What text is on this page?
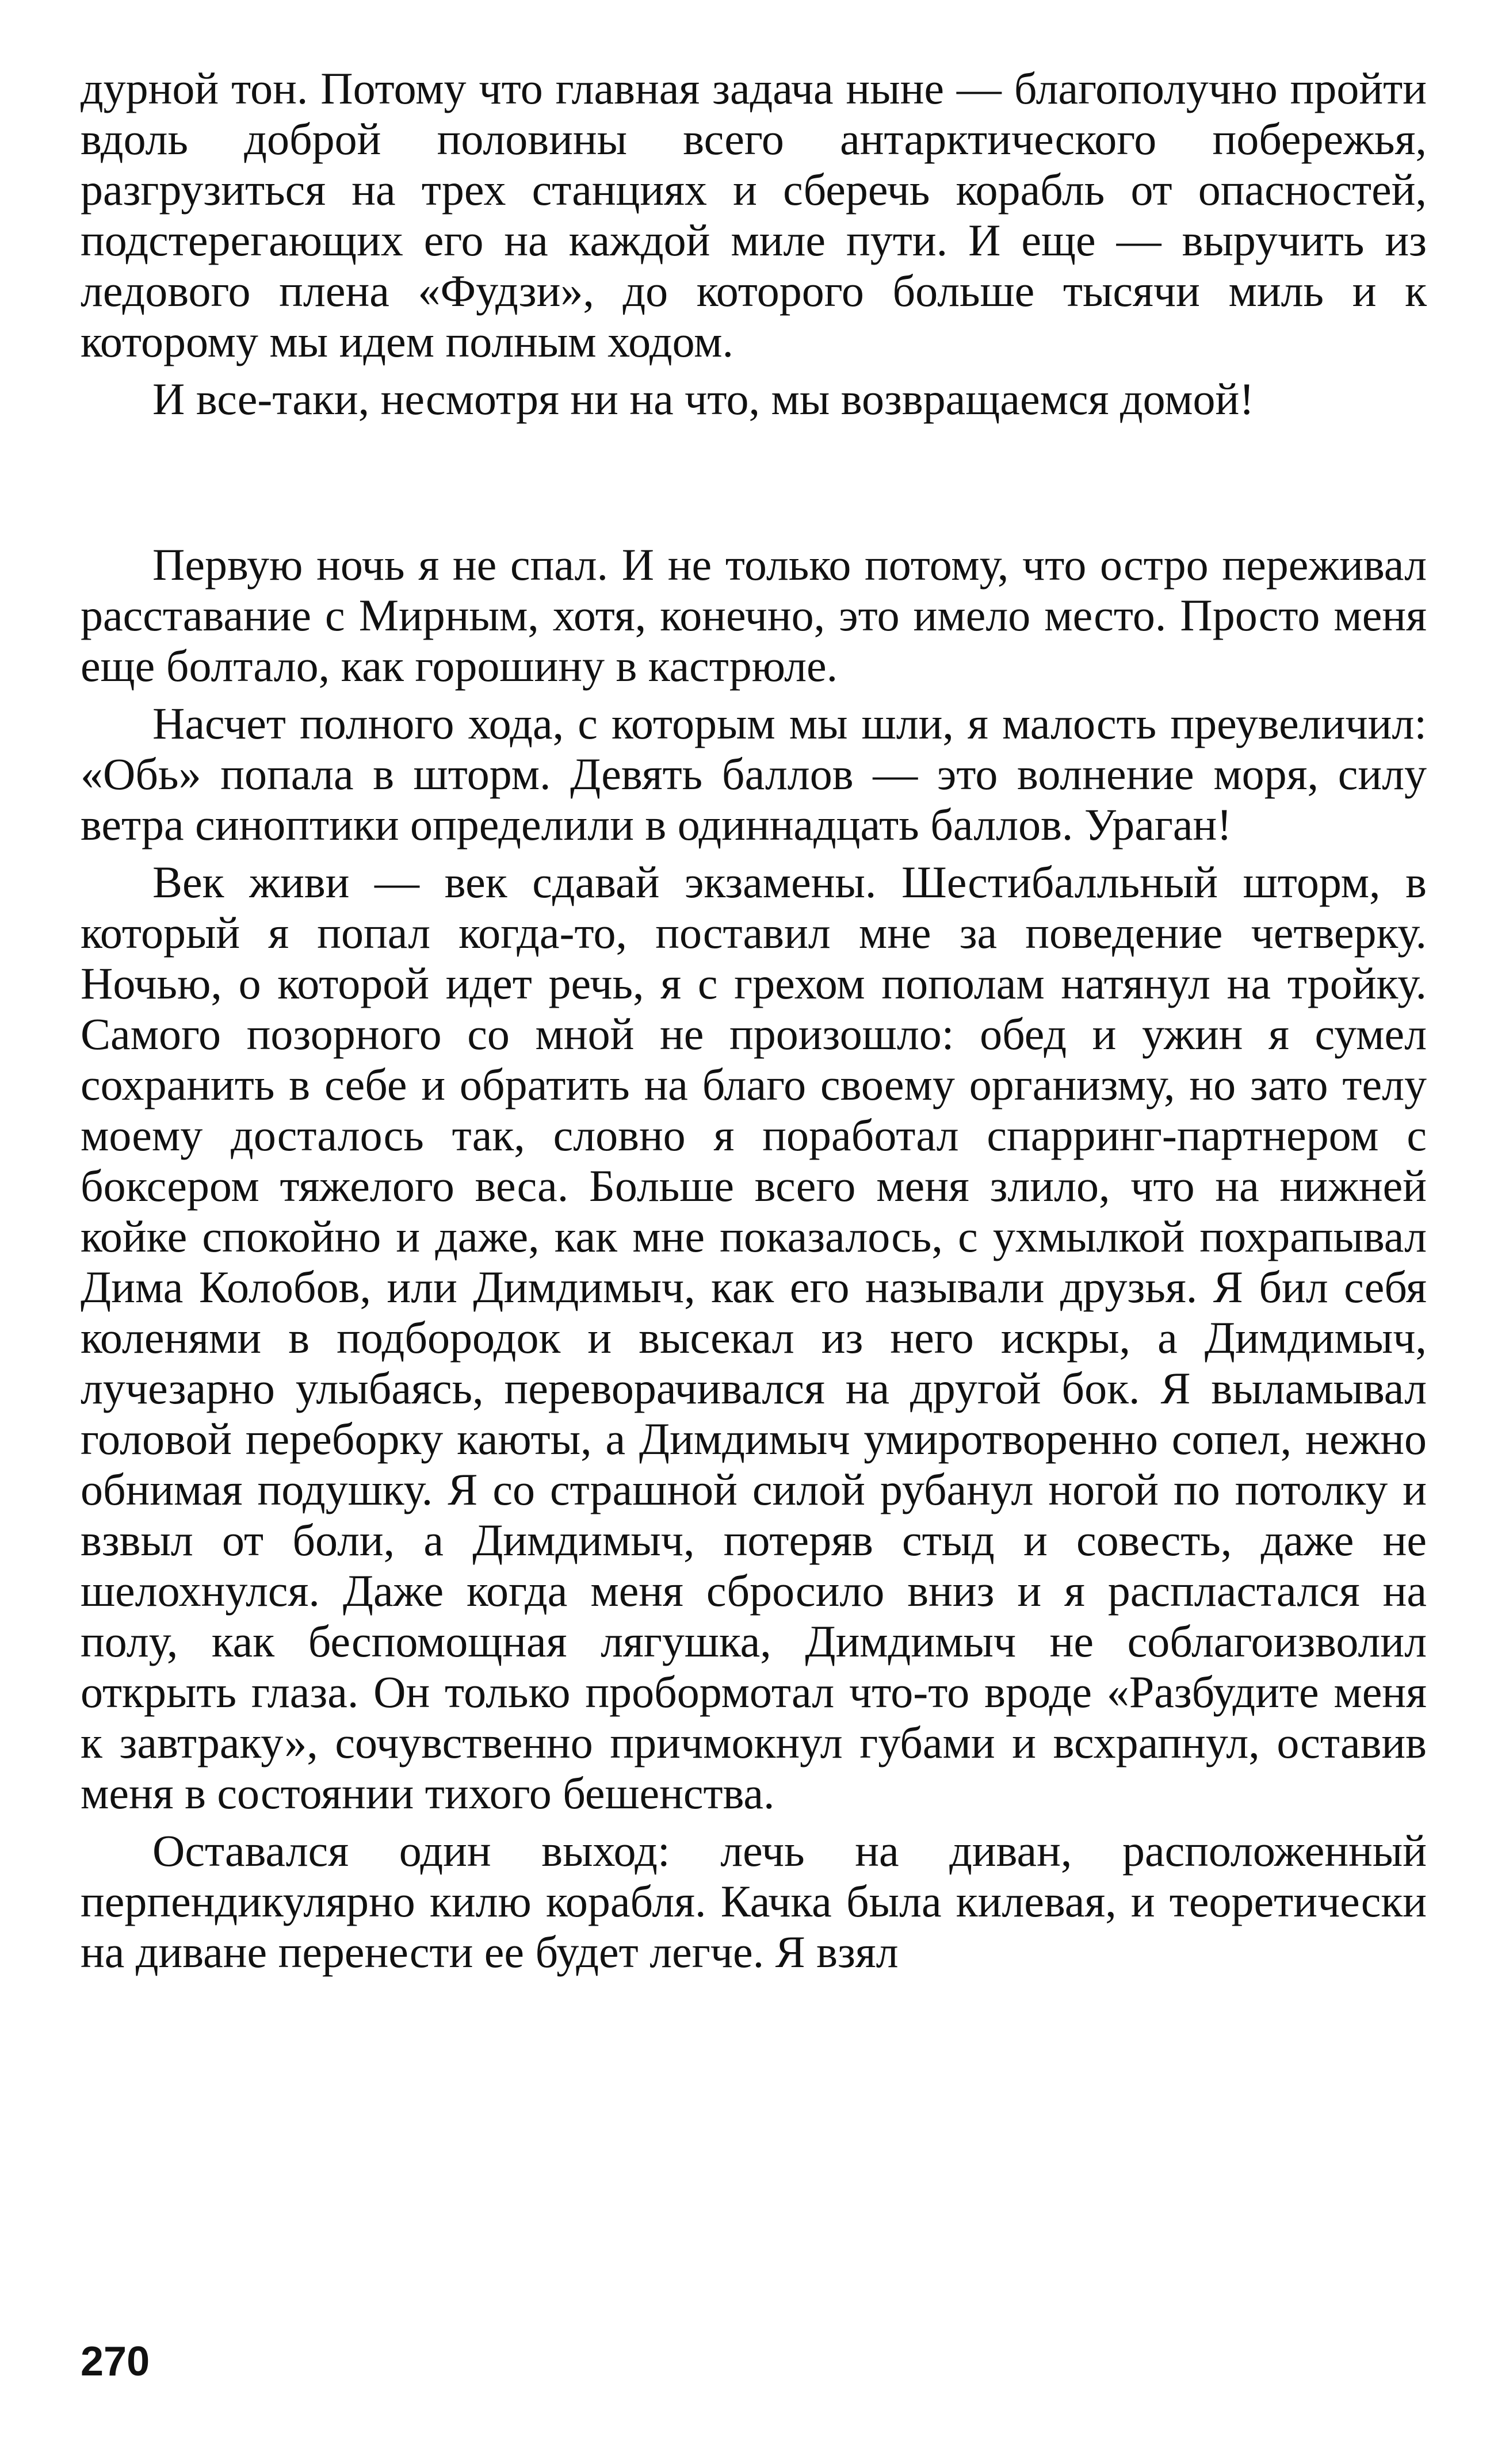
дурной тон. Потому что главная задача ныне — благополучно пройти вдоль доброй половины всего антарктического побережья, разгрузиться на трех станциях и сберечь корабль от опасностей, подстерегающих его на каждой миле пути. И еще — выручить из ледового плена «Фудзи», до которого больше тысячи миль и к которому мы идем полным ходом.

И все-таки, несмотря ни на что, мы возвращаемся домой!

Первую ночь я не спал. И не только потому, что остро переживал расставание с Мирным, хотя, конечно, это имело место. Просто меня еще болтало, как горошину в кастрюле.

Насчет полного хода, с которым мы шли, я малость преувеличил: «Обь» попала в шторм. Девять баллов — это волнение моря, силу ветра синоптики определили в одиннадцать баллов. Ураган!

Век живи — век сдавай экзамены. Шестибалльный шторм, в который я попал когда-то, поставил мне за поведение четверку. Ночью, о которой идет речь, я с грехом пополам натянул на тройку. Самого позорного со мной не произошло: обед и ужин я сумел сохранить в себе и обратить на благо своему организму, но зато телу моему досталось так, словно я поработал спарринг-партнером с боксером тяжелого веса. Больше всего меня злило, что на нижней койке спокойно и даже, как мне показалось, с ухмылкой похрапывал Дима Колобов, или Димдимыч, как его называли друзья. Я бил себя коленями в подбородок и высекал из него искры, а Димдимыч, лучезарно улыбаясь, переворачивался на другой бок. Я выламывал головой переборку каюты, а Димдимыч умиротворенно сопел, нежно обнимая подушку. Я со страшной силой рубанул ногой по потолку и взвыл от боли, а Димдимыч, потеряв стыд и совесть, даже не шелохнулся. Даже когда меня сбросило вниз и я распластался на полу, как беспомощная лягушка, Димдимыч не соблагоизволил открыть глаза. Он только пробормотал что-то вроде «Разбудите меня к завтраку», сочувственно причмокнул губами и всхрапнул, оставив меня в состоянии тихого бешенства.

Оставался один выход: лечь на диван, расположенный перпендикулярно килю корабля. Качка была килевая, и теоретически на диване перенести ее будет легче. Я взял

270
